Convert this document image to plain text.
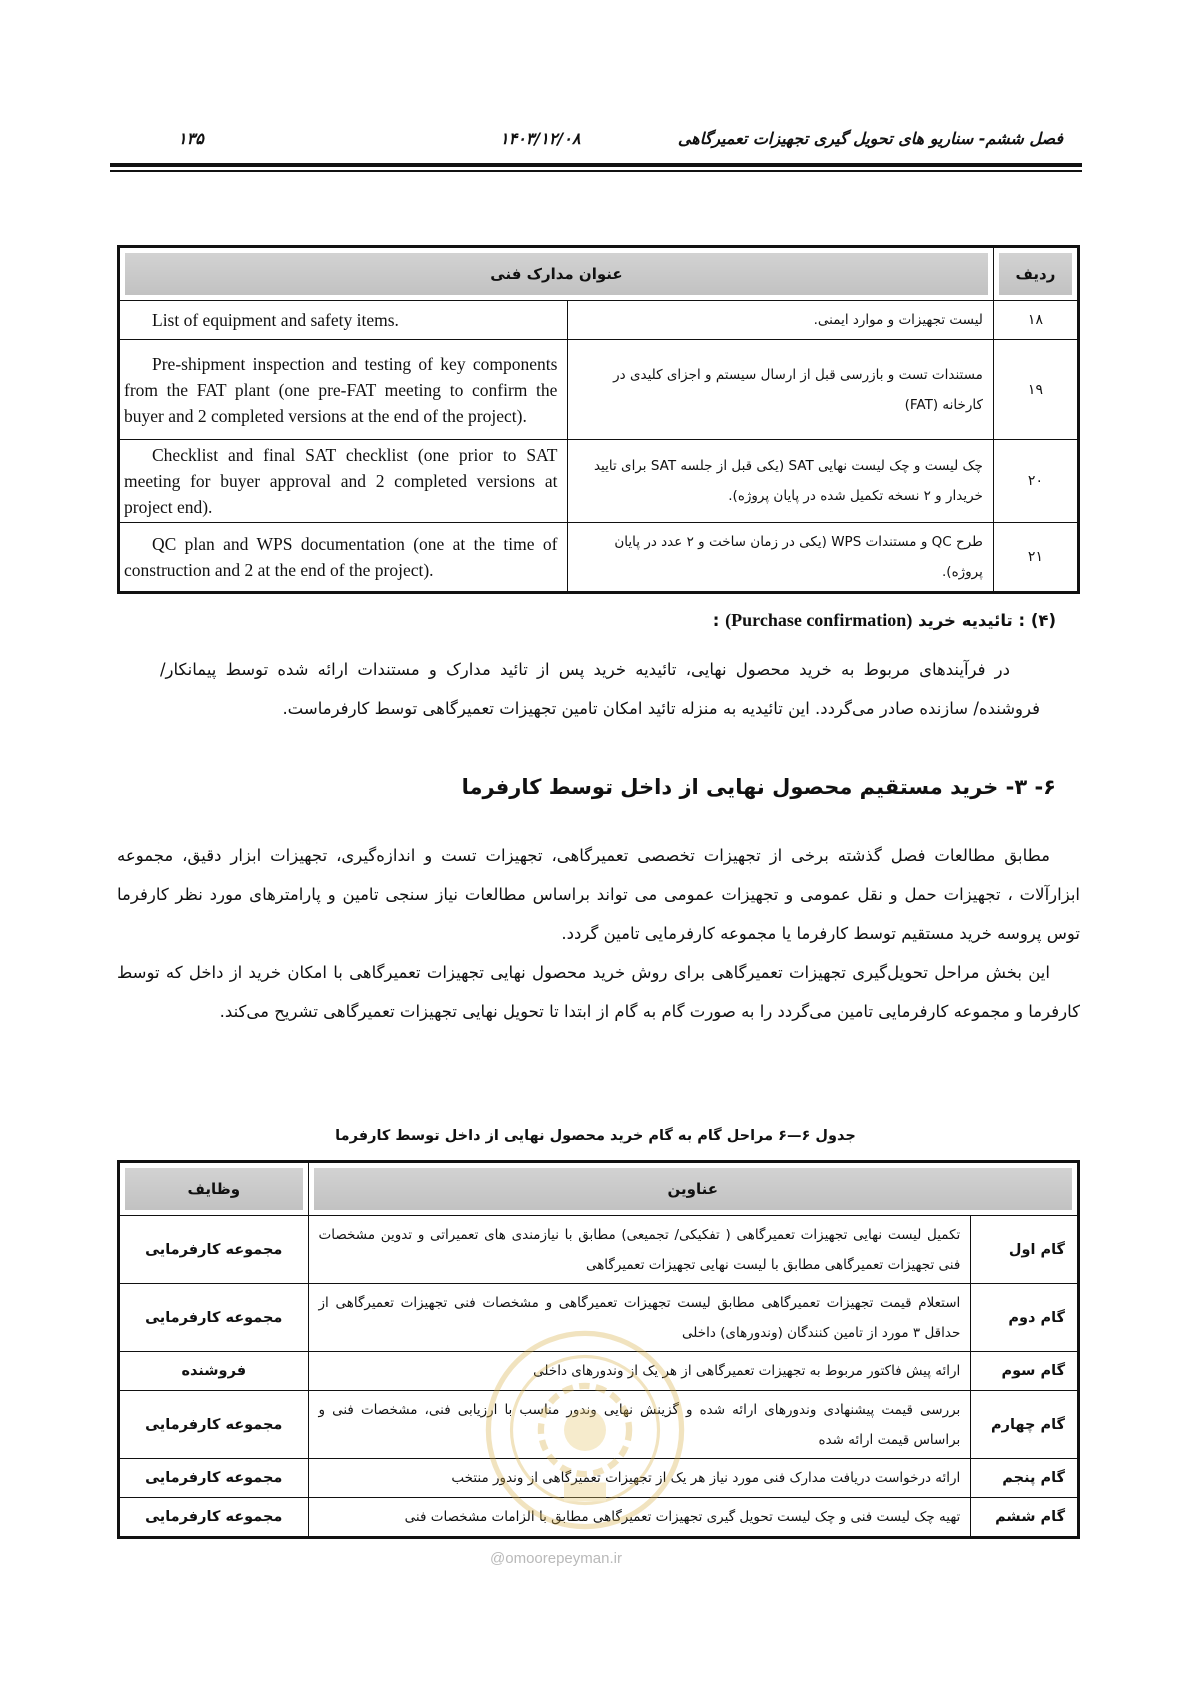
فصل ششم- سناریو های تحویل گیری تجهیزات تعمیرگاهی
۱۴۰۳/۱۲/۰۸
۱۳۵
عنوان مدارک فنی		ردیف

List of equipment and safety items.	لیست تجهیزات و موارد ایمنی.	۱۸

Pre-shipment inspection and testing of key components from the FAT plant (one pre-FAT meeting to confirm the buyer and 2 completed versions at the end of the project).	مستندات تست و بازرسی قبل از ارسال سیستم و اجزای کلیدی در کارخانه (FAT)	۱۹

Checklist and final SAT checklist (one prior to SAT meeting for buyer approval and 2 completed versions at project end).	چک لیست و چک لیست نهایی SAT (یکی قبل از جلسه SAT برای تایید خریدار و ۲ نسخه تکمیل شده در پایان پروژه).	۲۰

QC plan and WPS documentation (one at the time of construction and 2 at the end of the project).	طرح QC و مستندات WPS (یکی در زمان ساخت و ۲ عدد در پایان پروژه).	۲۱
(۴) : تائیدیه خرید (Purchase confirmation) :
در فرآیندهای مربوط به خرید محصول نهایی، تائیدیه خرید پس از تائید مدارک و مستندات ارائه شده توسط پیمانکار/ فروشنده/ سازنده صادر می‌گردد. این تائیدیه به منزله تائید امکان تامین تجهیزات تعمیرگاهی توسط کارفرماست.
۶- ۳- خرید مستقیم محصول نهایی از داخل توسط کارفرما

مطابق مطالعات فصل گذشته برخی از تجهیزات تخصصی تعمیرگاهی، تجهیزات تست و اندازه‌گیری، تجهیزات ابزار دقیق، مجموعه ابزارآلات ، تجهیزات حمل و نقل عمومی و تجهیزات عمومی می تواند براساس مطالعات نیاز سنجی تامین و پارامترهای مورد نظر کارفرما توس پروسه خرید مستقیم توسط کارفرما یا مجموعه کارفرمایی تامین گردد.

این بخش مراحل تحویل‌گیری تجهیزات تعمیرگاهی برای روش خرید محصول نهایی تجهیزات تعمیرگاهی با امکان خرید از داخل که توسط کارفرما و مجموعه کارفرمایی تامین می‌گردد را به صورت گام به گام از ابتدا تا تحویل نهایی تجهیزات تعمیرگاهی تشریح می‌کند.

جدول ۶—۶ مراحل گام به گام خرید محصول نهایی از داخل توسط کارفرما
عناوین		وظایف
گام اول	تکمیل لیست نهایی تجهیزات تعمیرگاهی ( تفکیکی/ تجمیعی) مطابق با نیازمندی های تعمیراتی و تدوین مشخصات فنی تجهیزات تعمیرگاهی مطابق با لیست نهایی تجهیزات تعمیرگاهی	مجموعه کارفرمایی
گام دوم	استعلام قیمت تجهیزات تعمیرگاهی مطابق لیست تجهیزات تعمیرگاهی و مشخصات فنی تجهیزات تعمیرگاهی از حداقل ۳ مورد از تامین کنندگان (وندورهای) داخلی	مجموعه کارفرمایی
گام سوم	ارائه پیش فاکتور مربوط به تجهیزات تعمیرگاهی از هر یک از وندورهای داخلی	فروشنده
گام چهارم	بررسی قیمت پیشنهادی وندورهای ارائه شده و گزینش نهایی وندور مناسب با ارزیابی فنی، مشخصات فنی و براساس قیمت ارائه شده	مجموعه کارفرمایی
گام پنجم	ارائه درخواست دریافت مدارک فنی مورد نیاز هر یک از تجهیزات تعمیرگاهی از وندور منتخب	مجموعه کارفرمایی
گام ششم	تهیه چک لیست فنی و چک لیست تحویل گیری تجهیزات تعمیرگاهی مطابق با الزامات مشخصات فنی	مجموعه کارفرمایی
@omoorepeyman.ir
